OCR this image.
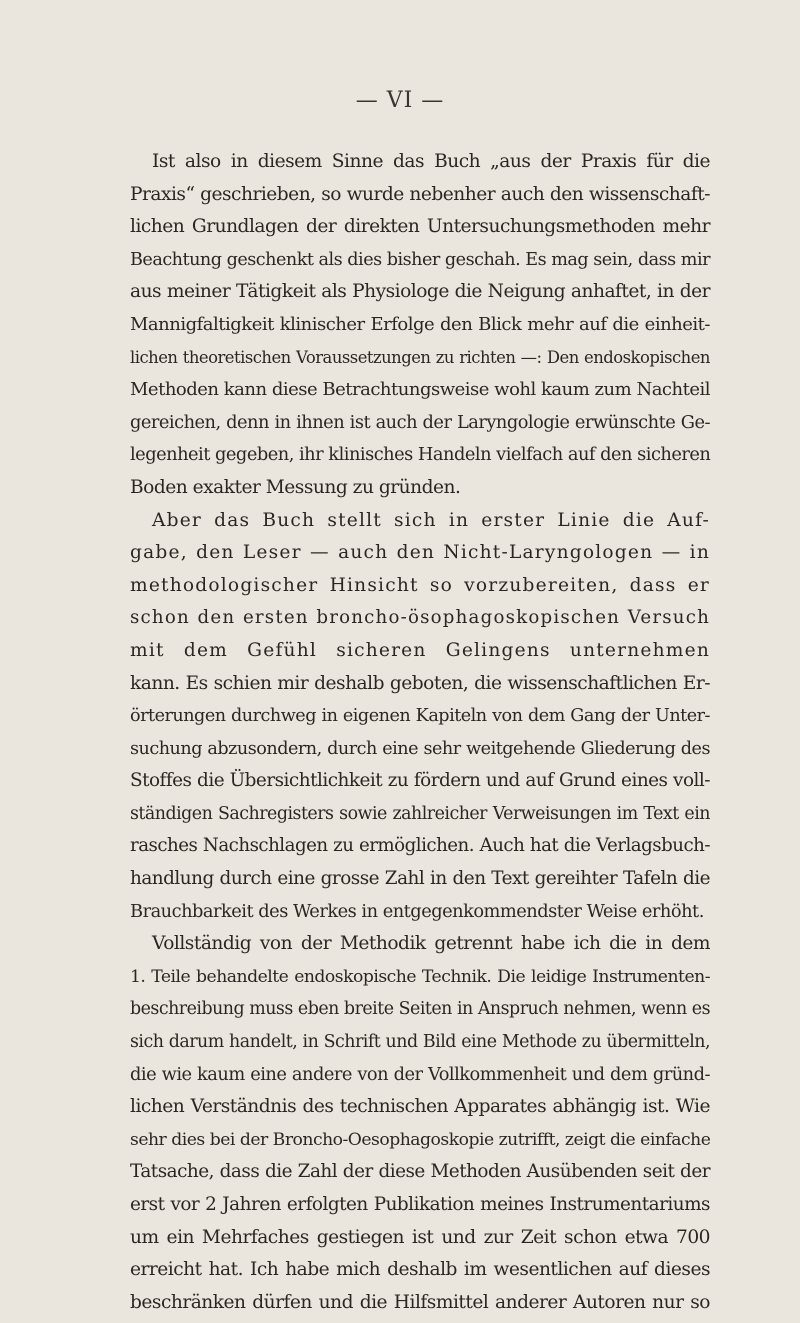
— VI —
Ist also in diesem Sinne das Buch „aus der Praxis für die
Praxis“ geschrieben, so wurde nebenher auch den wissenschaft-
lichen Grundlagen der direkten Untersuchungsmethoden mehr
Beachtung geschenkt als dies bisher geschah. Es mag sein, dass mir
aus meiner Tätigkeit als Physiologe die Neigung anhaftet, in der
Mannigfaltigkeit klinischer Erfolge den Blick mehr auf die einheit-
lichen theoretischen Voraussetzungen zu richten —: Den endoskopischen
Methoden kann diese Betrachtungsweise wohl kaum zum Nachteil
gereichen, denn in ihnen ist auch der Laryngologie erwünschte Ge-
legenheit gegeben, ihr klinisches Handeln vielfach auf den sicheren
Boden exakter Messung zu gründen.
Aber das Buch stellt sich in erster Linie die Auf-
gabe, den Leser — auch den Nicht-Laryngologen — in
methodologischer Hinsicht so vorzubereiten, dass er
schon den ersten broncho-ösophagoskopischen Versuch
mit dem Gefühl sicheren Gelingens unternehmen
kann. Es schien mir deshalb geboten, die wissenschaftlichen Er-
örterungen durchweg in eigenen Kapiteln von dem Gang der Unter-
suchung abzusondern, durch eine sehr weitgehende Gliederung des
Stoffes die Übersichtlichkeit zu fördern und auf Grund eines voll-
ständigen Sachregisters sowie zahlreicher Verweisungen im Text ein
rasches Nachschlagen zu ermöglichen. Auch hat die Verlagsbuch-
handlung durch eine grosse Zahl in den Text gereihter Tafeln die
Brauchbarkeit des Werkes in entgegenkommendster Weise erhöht.
Vollständig von der Methodik getrennt habe ich die in dem
1. Teile behandelte endoskopische Technik. Die leidige Instrumenten-
beschreibung muss eben breite Seiten in Anspruch nehmen, wenn es
sich darum handelt, in Schrift und Bild eine Methode zu übermitteln,
die wie kaum eine andere von der Vollkommenheit und dem gründ-
lichen Verständnis des technischen Apparates abhängig ist. Wie
sehr dies bei der Broncho-Oesophagoskopie zutrifft, zeigt die einfache
Tatsache, dass die Zahl der diese Methoden Ausübenden seit der
erst vor 2 Jahren erfolgten Publikation meines Instrumentariums
um ein Mehrfaches gestiegen ist und zur Zeit schon etwa 700
erreicht hat. Ich habe mich deshalb im wesentlichen auf dieses
beschränken dürfen und die Hilfsmittel anderer Autoren nur so
